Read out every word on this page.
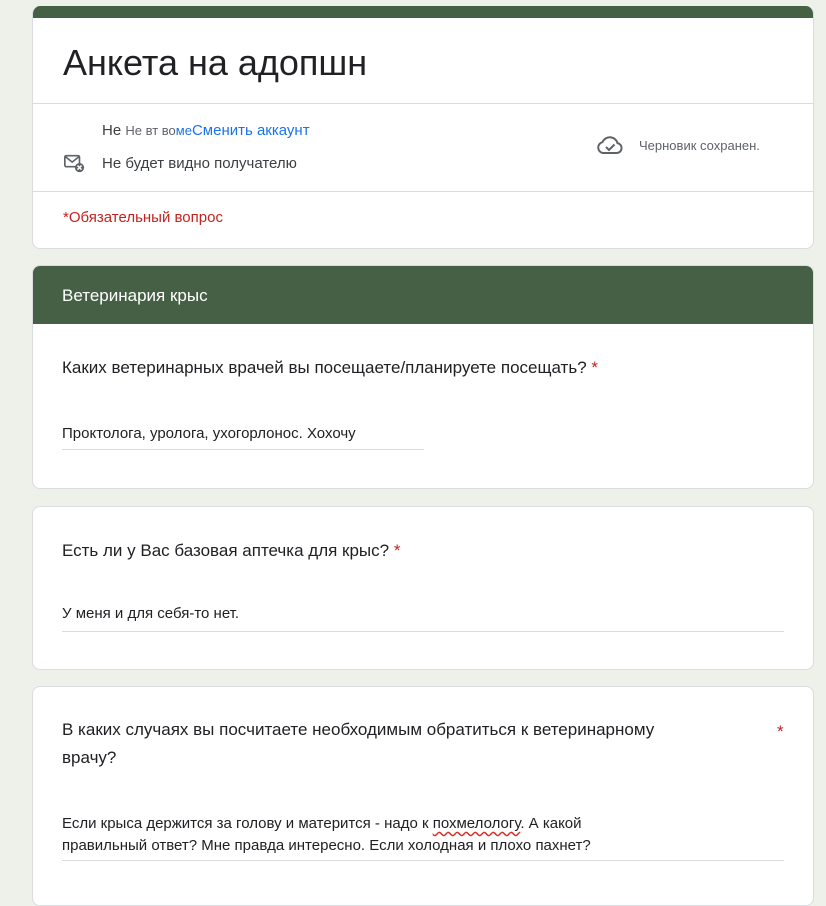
Анкета на адопшн
Не Не вт вомеСменить аккаунт
Не будет видно получателю
Черновик сохранен.
*Обязательный вопрос
Ветеринария крыс
Каких ветеринарных врачей вы посещаете/планируете посещать? *
Проктолога, уролога, ухогорлонос. Хохочу
Есть ли у Вас базовая аптечка для крыс? *
У меня и для себя-то нет.
В каких случаях вы посчитаете необходимым обратиться к ветеринарному
врачу?
*
Если крыса держится за голову и матерится - надо к похмелологу. А какой
правильный ответ? Мне правда интересно. Если холодная и плохо пахнет?
